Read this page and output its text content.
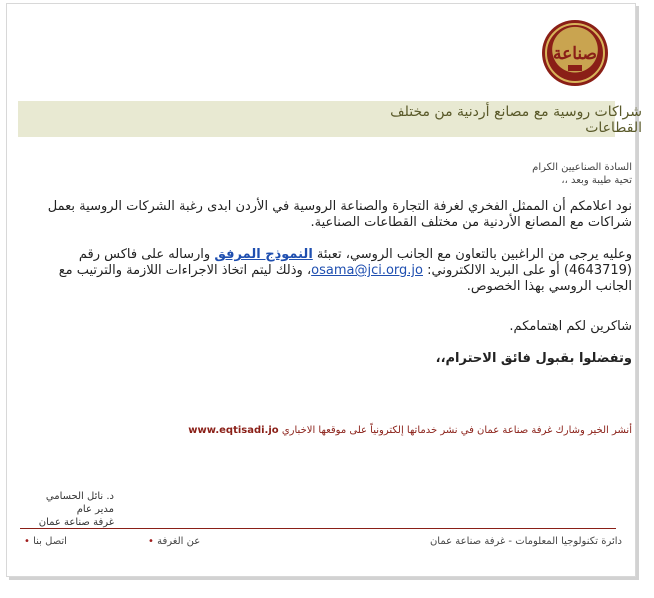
صناعة
شراكات روسية مع مصانع أردنية من مختلف القطاعات
السادة الصناعيين الكرام
تحية طيبة وبعد ،،
نود اعلامكم أن الممثل الفخري لغرفة التجارة والصناعة الروسية في الأردن ابدى رغبة الشركات الروسية بعمل شراكات مع المصانع الأردنية من مختلف القطاعات الصناعية.
وعليه يرجى من الراغبين بالتعاون مع الجانب الروسي، تعبئة النموذج المرفق وارساله على فاكس رقم (4643719) أو على البريد الالكتروني: osama@jci.org.jo، وذلك ليتم اتخاذ الاجراءات اللازمة والترتيب مع الجانب الروسي بهذا الخصوص.
شاكرين لكم اهتمامكم.
وتفضلوا بقبول فائق الاحترام،،
أنشر الخير وشارك غرفة صناعة عمان في نشر خدماتها إلكترونياً على موقعها الاخباري www.eqtisadi.jo
د. نائل الحسامي
مدير عام
غرفة صناعة عمان
دائرة تكنولوجيا المعلومات - غرفة صناعة عمان
عن الغرفة •
اتصل بنا •
